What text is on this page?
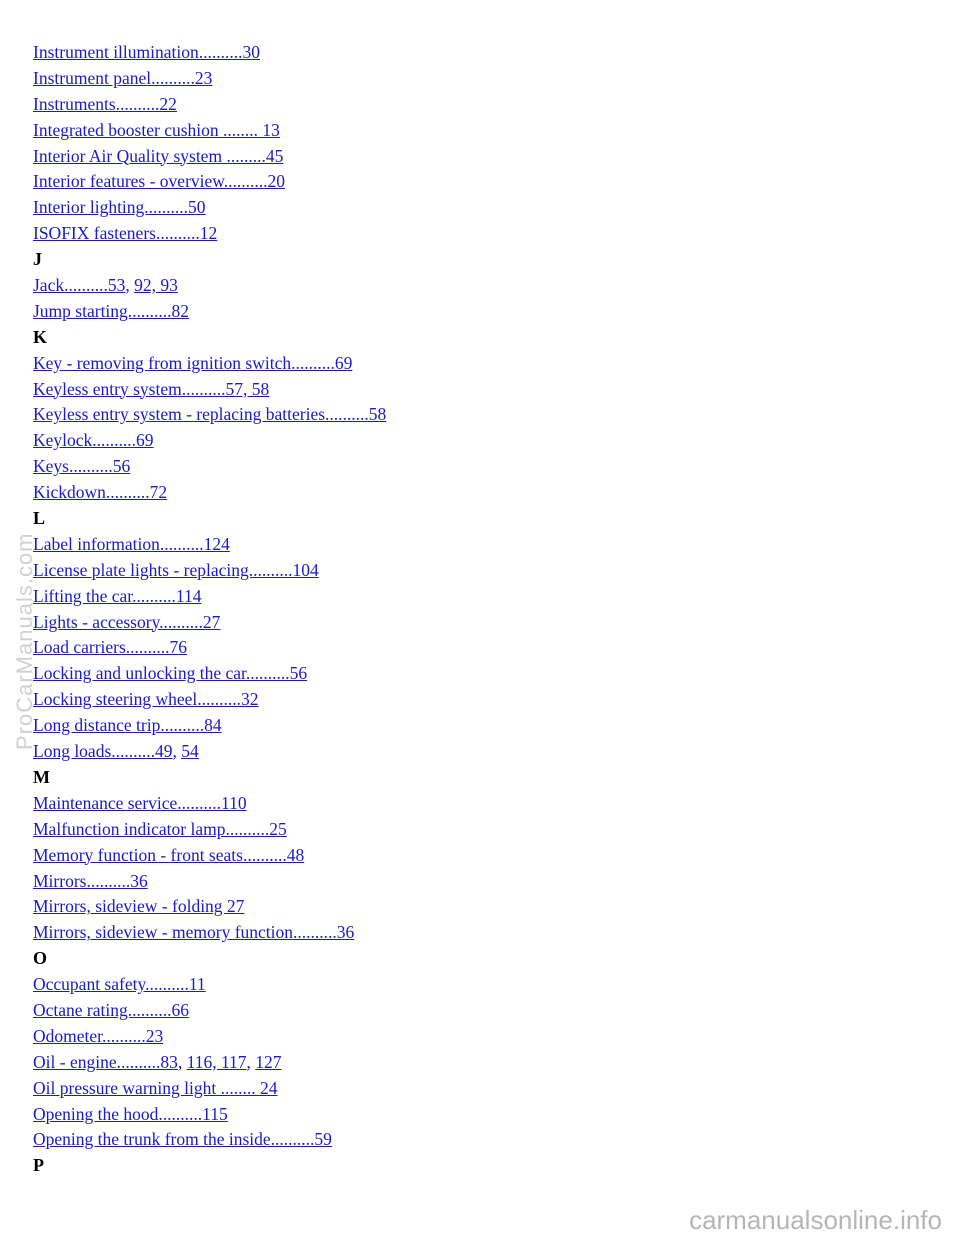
Instrument illumination..........30
Instrument panel..........23
Instruments..........22
Integrated booster cushion ........ 13
Interior Air Quality system .........45
Interior features - overview..........20
Interior lighting..........50
ISOFIX fasteners..........12
J
Jack..........53, 92, 93
Jump starting..........82
K
Key - removing from ignition switch..........69
Keyless entry system..........57, 58
Keyless entry system - replacing batteries..........58
Keylock..........69
Keys..........56
Kickdown..........72
L
Label information..........124
License plate lights - replacing..........104
Lifting the car..........114
Lights - accessory..........27
Load carriers..........76
Locking and unlocking the car..........56
Locking steering wheel..........32
Long distance trip..........84
Long loads..........49, 54
M
Maintenance service..........110
Malfunction indicator lamp..........25
Memory function - front seats..........48
Mirrors..........36
Mirrors, sideview - folding 27
Mirrors, sideview - memory function..........36
O
Occupant safety..........11
Octane rating..........66
Odometer..........23
Oil - engine..........83, 116, 117, 127
Oil pressure warning light ........ 24
Opening the hood..........115
Opening the trunk from the inside..........59
P
ProCarManuals.com
carmanualsonline.info
